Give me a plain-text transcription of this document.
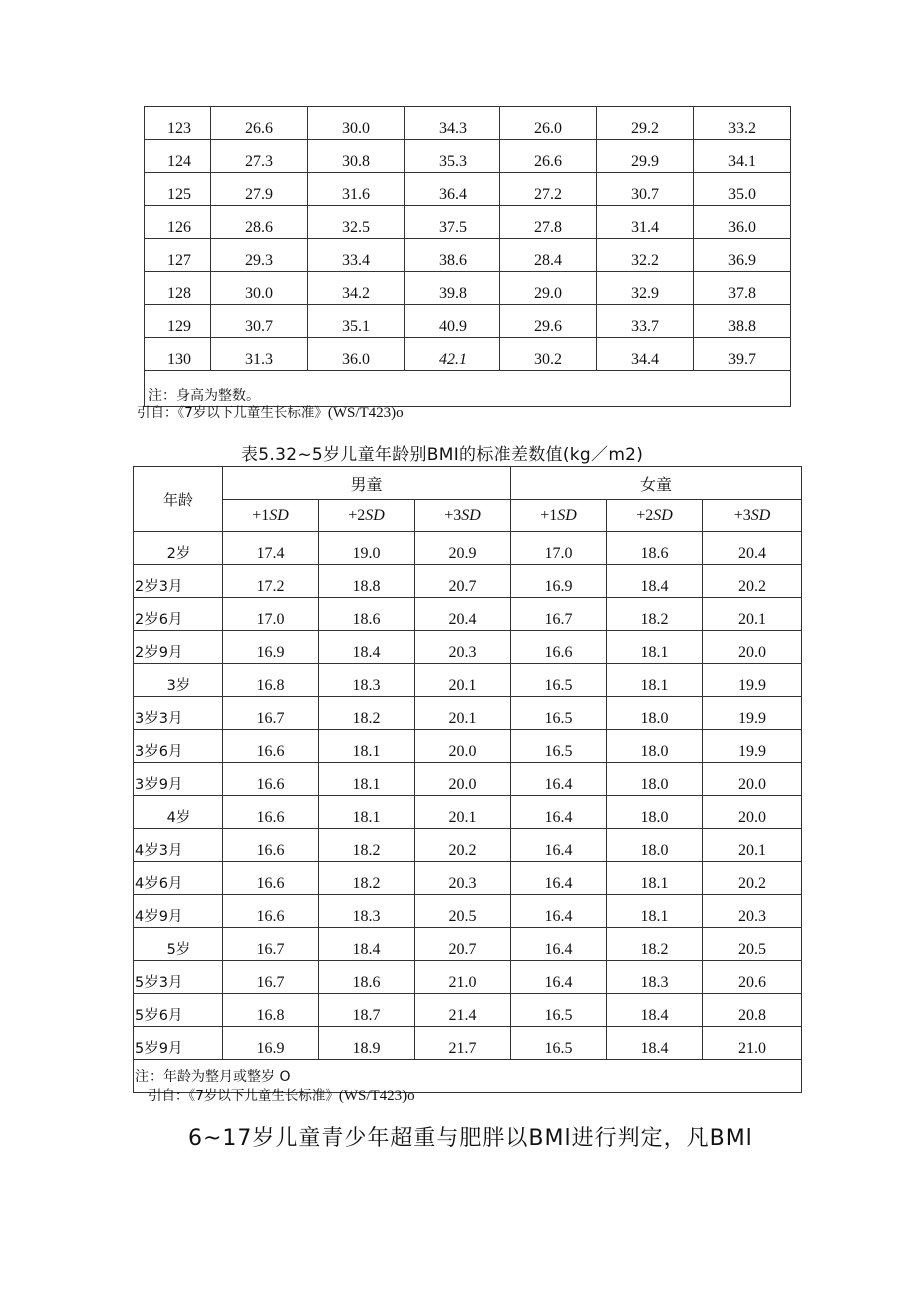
123	26.6	30.0	34.3	26.0	29.2	33.2
124	27.3	30.8	35.3	26.6	29.9	34.1
125	27.9	31.6	36.4	27.2	30.7	35.0
126	28.6	32.5	37.5	27.8	31.4	36.0
127	29.3	33.4	38.6	28.4	32.2	36.9
128	30.0	34.2	39.8	29.0	32.9	37.8
129	30.7	35.1	40.9	29.6	33.7	38.8
130	31.3	36.0	42.1	30.2	34.4	39.7
注：身高为整数。						
引自：《7岁以下儿童生长标准》(WS/T423)o
表5.32~5岁儿童年龄别BMI的标准差数值(kg／m2)
年龄	男童			女童		
	+1SD	+2SD	+3SD	+1SD	+2SD	+3SD
2岁	17.4	19.0	20.9	17.0	18.6	20.4
2岁3月	17.2	18.8	20.7	16.9	18.4	20.2
2岁6月	17.0	18.6	20.4	16.7	18.2	20.1
2岁9月	16.9	18.4	20.3	16.6	18.1	20.0
3岁	16.8	18.3	20.1	16.5	18.1	19.9
3岁3月	16.7	18.2	20.1	16.5	18.0	19.9
3岁6月	16.6	18.1	20.0	16.5	18.0	19.9
3岁9月	16.6	18.1	20.0	16.4	18.0	20.0
4岁	16.6	18.1	20.1	16.4	18.0	20.0
4岁3月	16.6	18.2	20.2	16.4	18.0	20.1
4岁6月	16.6	18.2	20.3	16.4	18.1	20.2
4岁9月	16.6	18.3	20.5	16.4	18.1	20.3
5岁	16.7	18.4	20.7	16.4	18.2	20.5
5岁3月	16.7	18.6	21.0	16.4	18.3	20.6
5岁6月	16.8	18.7	21.4	16.5	18.4	20.8
5岁9月	16.9	18.9	21.7	16.5	18.4	21.0
注：年龄为整月或整岁 O						
引自：《7岁以下儿童生长标准》(WS/T423)o
6~17岁儿童青少年超重与肥胖以BMl进行判定，凡BMl
